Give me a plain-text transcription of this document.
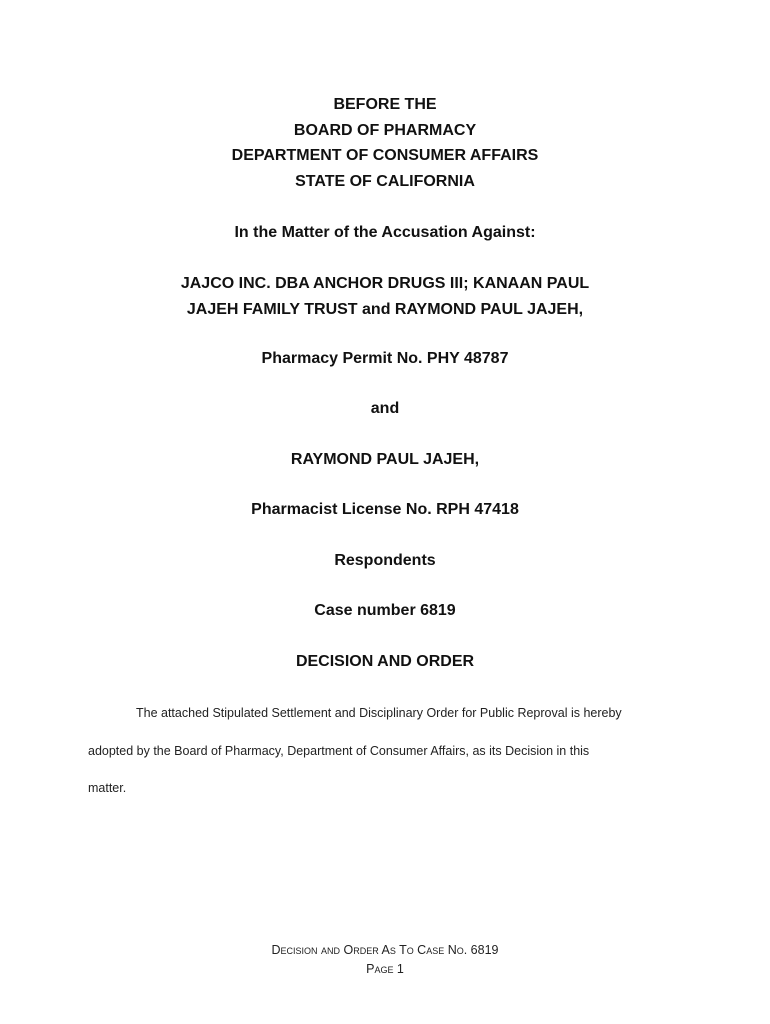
BEFORE THE
BOARD OF PHARMACY
DEPARTMENT OF CONSUMER AFFAIRS
STATE OF CALIFORNIA
In the Matter of the Accusation Against:
JAJCO INC. DBA ANCHOR DRUGS III; KANAAN PAUL
JAJEH FAMILY TRUST and RAYMOND PAUL JAJEH,
Pharmacy Permit No. PHY 48787
and
RAYMOND PAUL JAJEH,
Pharmacist License No. RPH 47418
Respondents
Case number 6819
DECISION AND ORDER
The attached Stipulated Settlement and Disciplinary Order for Public Reproval is hereby
adopted by the Board of Pharmacy, Department of Consumer Affairs, as its Decision in this
matter.
Decision and Order As To Case No. 6819
Page 1
